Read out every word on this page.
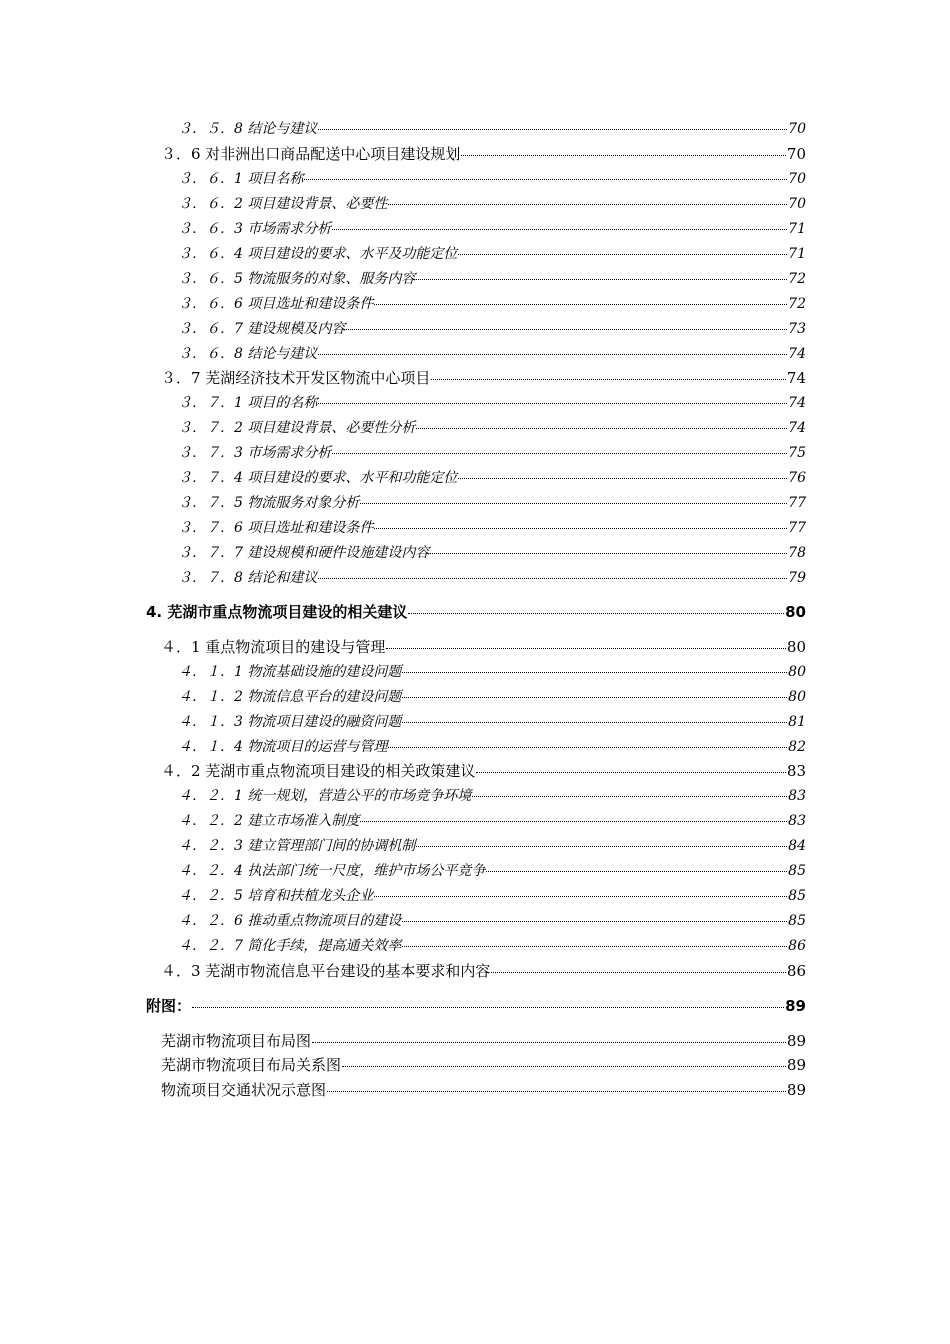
３．５．8 结论与建议	70
３．6 对非洲出口商品配送中心项目建设规划	70
３．６．1 项目名称	70
３．６．2 项目建设背景、必要性	70
３．６．3 市场需求分析	71
３．６．4 项目建设的要求、水平及功能定位	71
３．６．5 物流服务的对象、服务内容	72
３．６．6 项目选址和建设条件	72
３．６．7 建设规模及内容	73
３．６．8 结论与建议	74
３．7 芜湖经济技术开发区物流中心项目	74
３．７．1 项目的名称	74
３．７．2 项目建设背景、必要性分析	74
３．７．3 市场需求分析	75
３．７．4 项目建设的要求、水平和功能定位	76
３．７．5 物流服务对象分析	77
３．７．6 项目选址和建设条件	77
３．７．7 建设规模和硬件设施建设内容	78
３．７．8 结论和建议	79
4. 芜湖市重点物流项目建设的相关建议	80
４．1 重点物流项目的建设与管理	80
４．１．1 物流基础设施的建设问题	80
４．１．2 物流信息平台的建设问题	80
４．１．3 物流项目建设的融资问题	81
４．１．4 物流项目的运营与管理	82
４．2 芜湖市重点物流项目建设的相关政策建议	83
４．２．1 统一规划，营造公平的市场竞争环境	83
４．２．2 建立市场准入制度	83
４．２．3 建立管理部门间的协调机制	84
４．２．4 执法部门统一尺度，维护市场公平竞争	85
４．２．5 培育和扶植龙头企业	85
４．２．6 推动重点物流项目的建设	85
４．２．7 简化手续，提高通关效率	86
４．3 芜湖市物流信息平台建设的基本要求和内容	86
附图：	89
芜湖市物流项目布局图	89
芜湖市物流项目布局关系图	89
物流项目交通状况示意图	89
